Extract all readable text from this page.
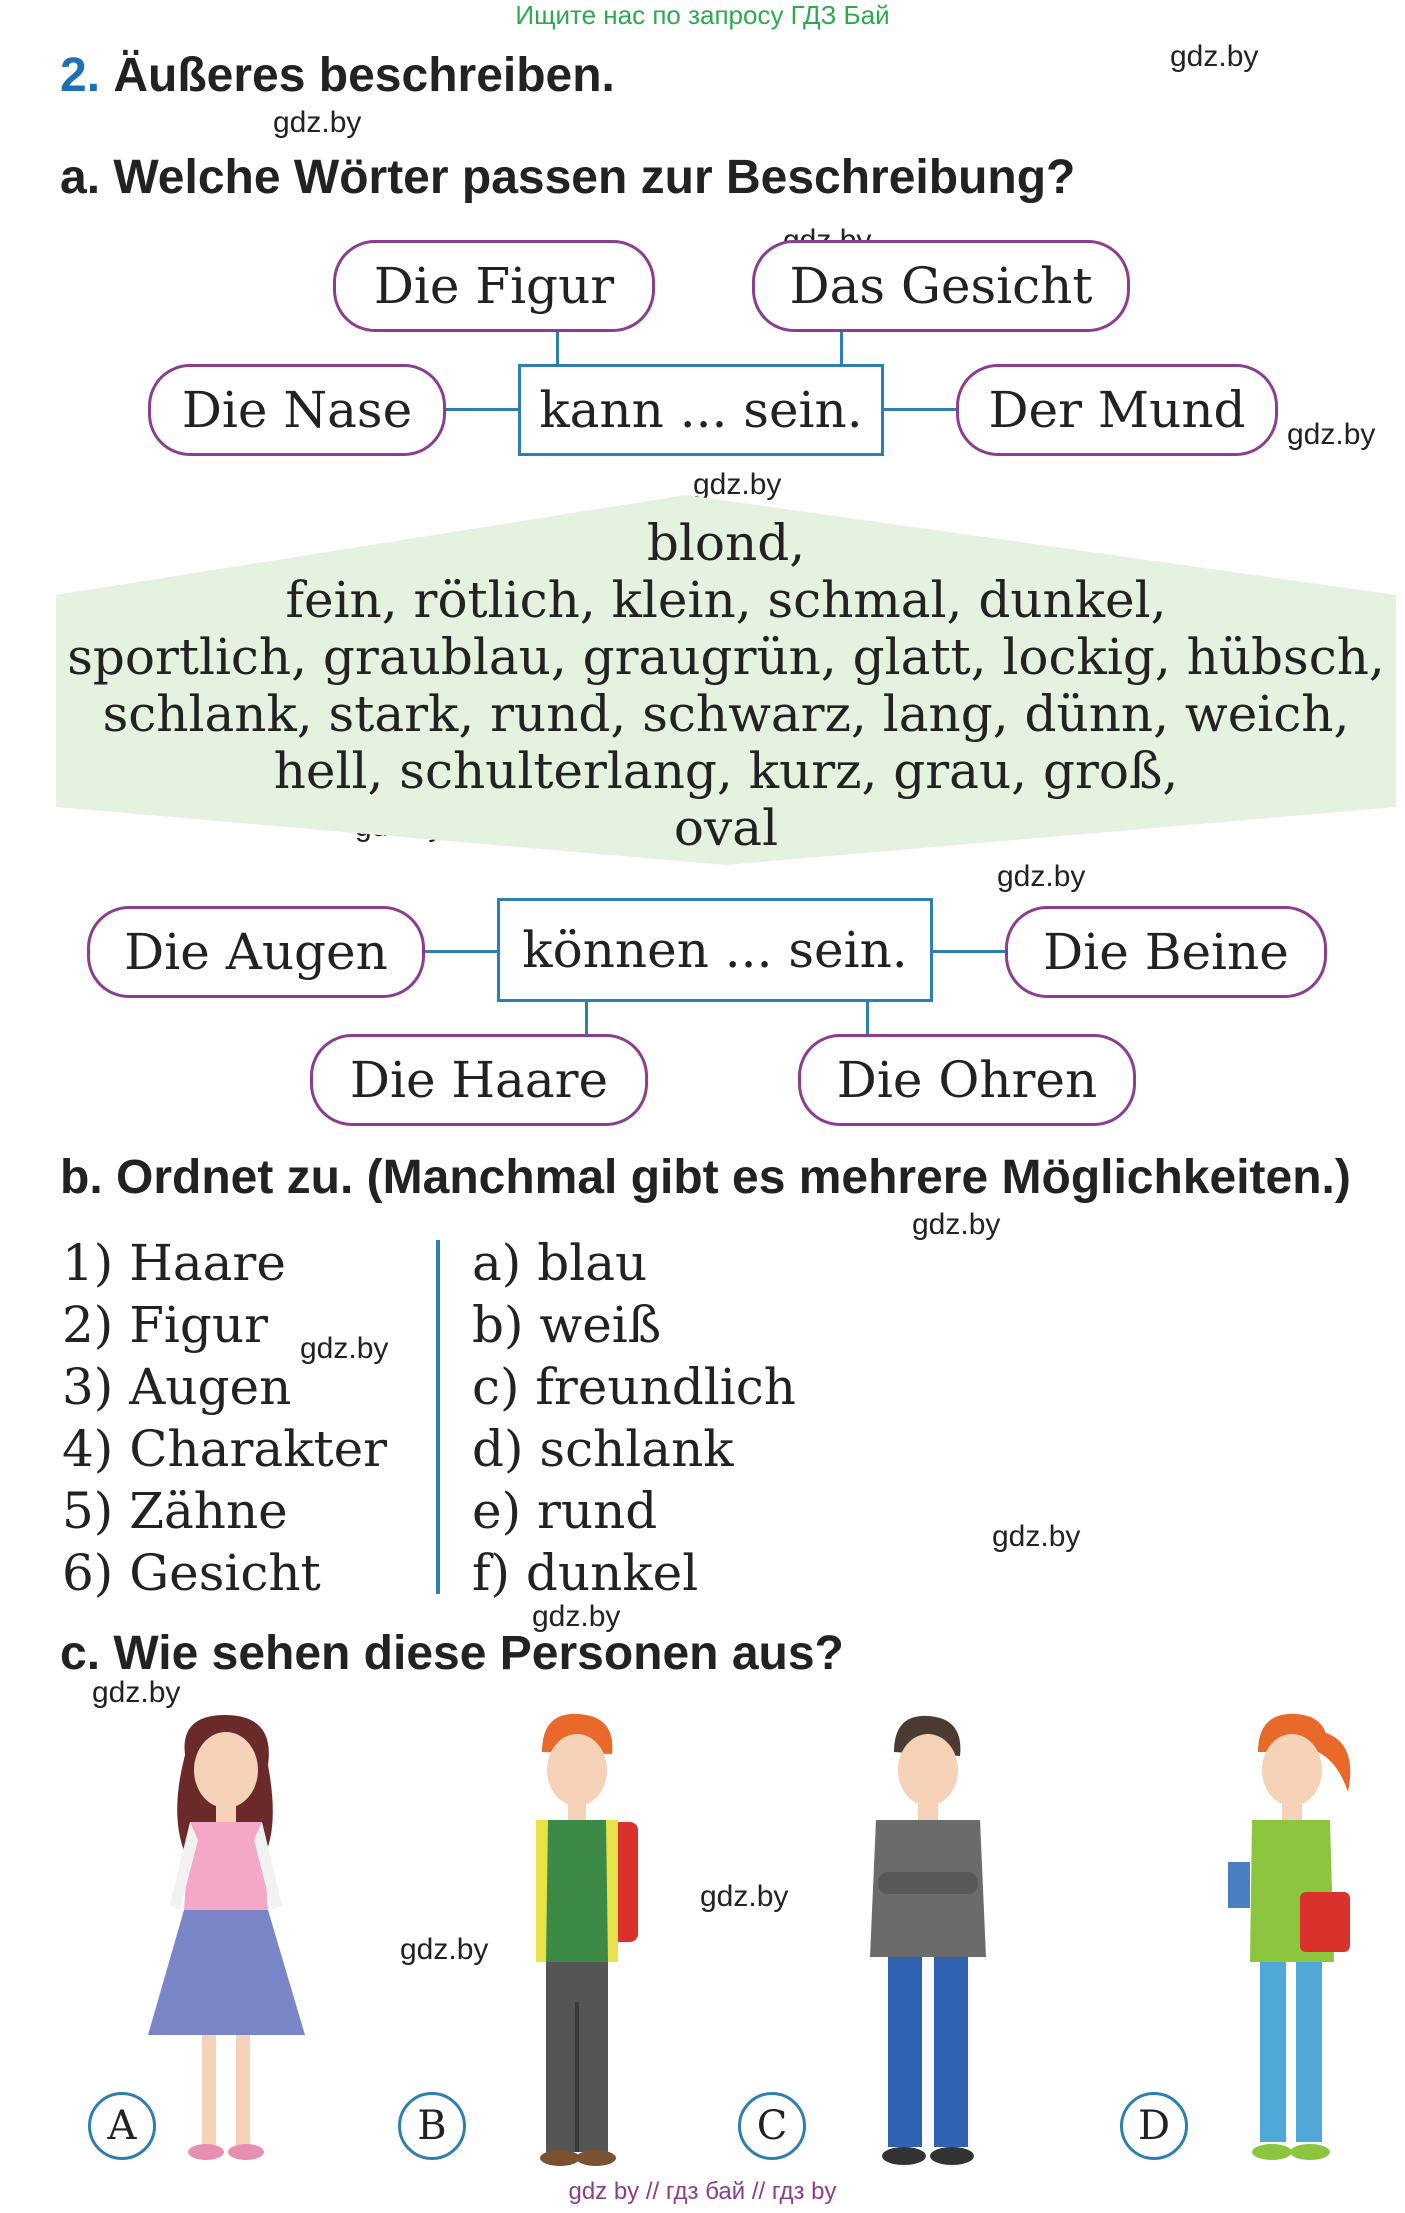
Ищите нас по запросу ГДЗ Бай
2. Äußeres beschreiben.	gdz.by
gdz.by
gdz.by
gdz.by
gdz.by
gdz.by
gdz.by
gdz.by
gdz.by
gdz.by
gdz.by
gdz.by
a. Welche Wörter passen zur Beschreibung?
Die Figur	Das Gesicht
Die Nase	kann ... sein.	Der Mund
blond,
fein, rötlich, klein, schmal, dunkel,
sportlich, graublau, graugrün, glatt, lockig, hübsch,
schlank, stark, rund, schwarz, lang, dünn, weich,
hell, schulterlang, kurz, grau, groß,
oval
Die Augen	können ... sein.	Die Beine
Die Haare	Die Ohren
b. Ordnet zu. (Manchmal gibt es mehrere Möglichkeiten.)
1) Haare
2) Figur
3) Augen
4) Charakter
5) Zähne
6) Gesicht
a) blau
b) weiß
c) freundlich
d) schlank
e) rund
f) dunkel
c. Wie sehen diese Personen aus?
A	B	C	D
gdz by // гдз бай // гдз by
